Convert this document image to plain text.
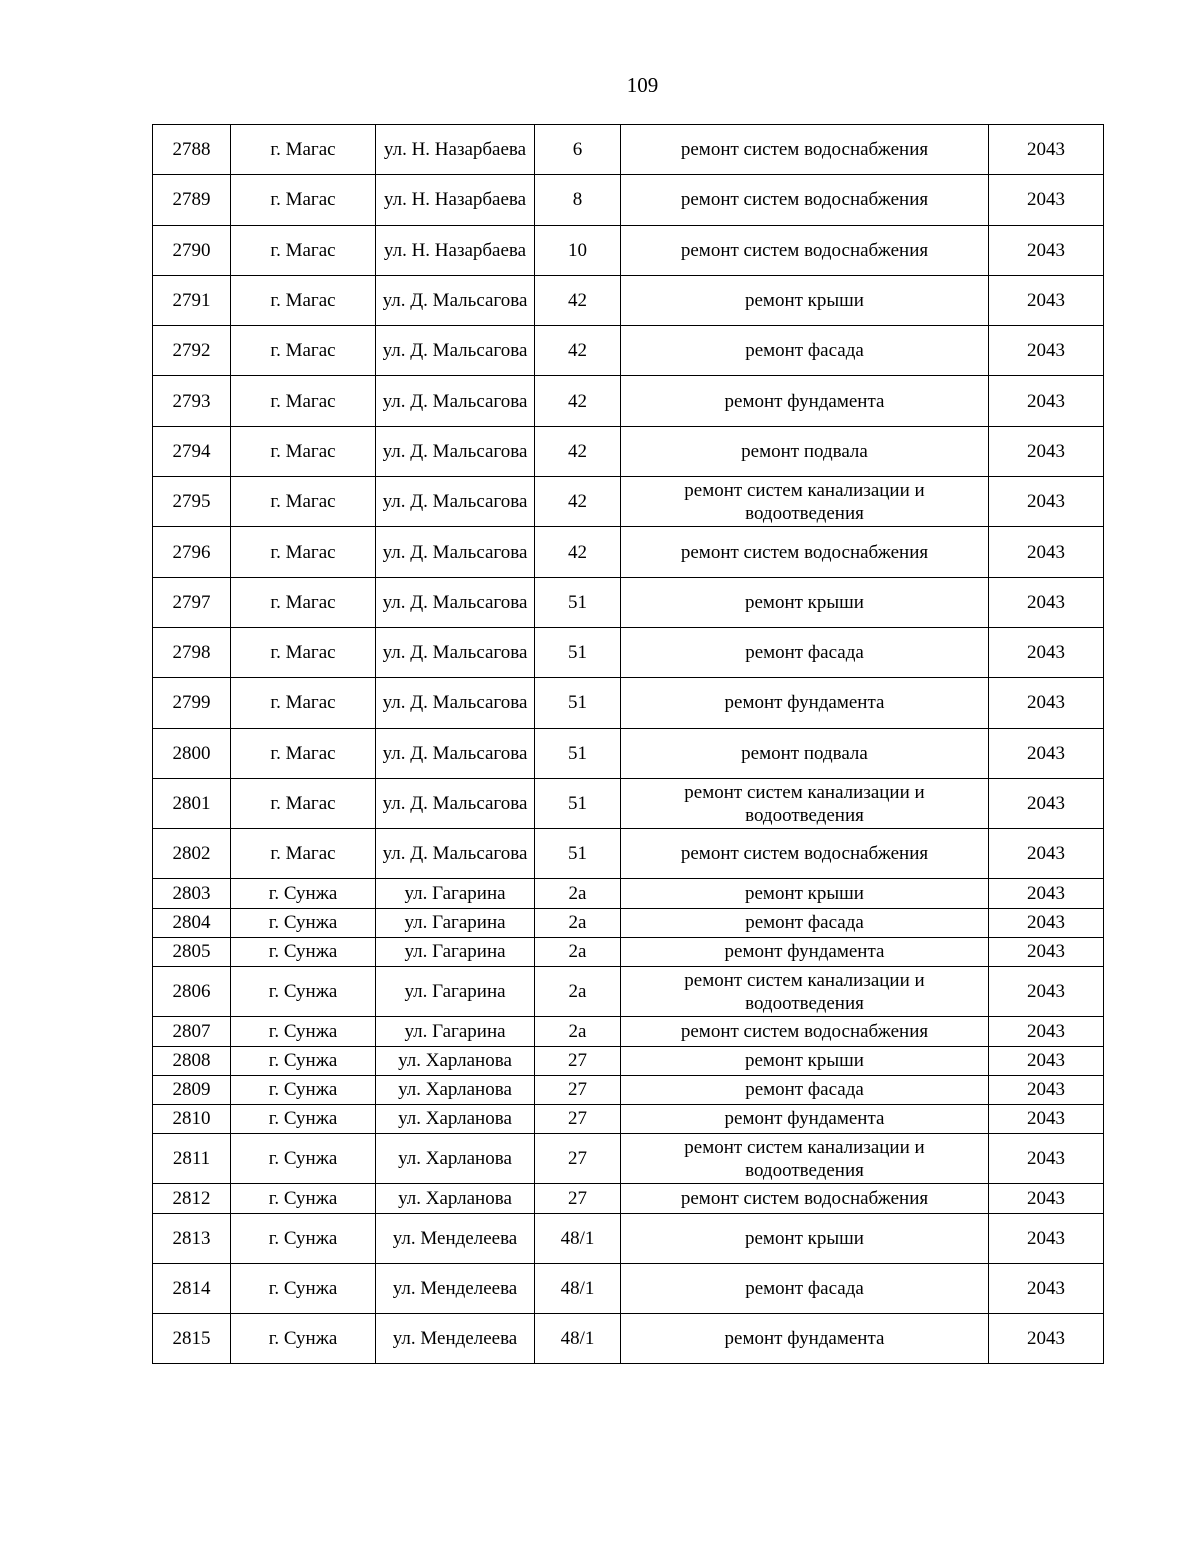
109
2788	г. Магас	ул. Н. Назарбаева	6	ремонт систем водоснабжения	2043
2789	г. Магас	ул. Н. Назарбаева	8	ремонт систем водоснабжения	2043
2790	г. Магас	ул. Н. Назарбаева	10	ремонт систем водоснабжения	2043
2791	г. Магас	ул. Д. Мальсагова	42	ремонт крыши	2043
2792	г. Магас	ул. Д. Мальсагова	42	ремонт фасада	2043
2793	г. Магас	ул. Д. Мальсагова	42	ремонт фундамента	2043
2794	г. Магас	ул. Д. Мальсагова	42	ремонт подвала	2043
2795	г. Магас	ул. Д. Мальсагова	42	ремонт систем канализации и водоотведения	2043
2796	г. Магас	ул. Д. Мальсагова	42	ремонт систем водоснабжения	2043
2797	г. Магас	ул. Д. Мальсагова	51	ремонт крыши	2043
2798	г. Магас	ул. Д. Мальсагова	51	ремонт фасада	2043
2799	г. Магас	ул. Д. Мальсагова	51	ремонт фундамента	2043
2800	г. Магас	ул. Д. Мальсагова	51	ремонт подвала	2043
2801	г. Магас	ул. Д. Мальсагова	51	ремонт систем канализации и водоотведения	2043
2802	г. Магас	ул. Д. Мальсагова	51	ремонт систем водоснабжения	2043
2803	г. Сунжа	ул. Гагарина	2а	ремонт крыши	2043
2804	г. Сунжа	ул. Гагарина	2а	ремонт фасада	2043
2805	г. Сунжа	ул. Гагарина	2а	ремонт фундамента	2043
2806	г. Сунжа	ул. Гагарина	2а	ремонт систем канализации и водоотведения	2043
2807	г. Сунжа	ул. Гагарина	2а	ремонт систем водоснабжения	2043
2808	г. Сунжа	ул. Харланова	27	ремонт крыши	2043
2809	г. Сунжа	ул. Харланова	27	ремонт фасада	2043
2810	г. Сунжа	ул. Харланова	27	ремонт фундамента	2043
2811	г. Сунжа	ул. Харланова	27	ремонт систем канализации и водоотведения	2043
2812	г. Сунжа	ул. Харланова	27	ремонт систем водоснабжения	2043
2813	г. Сунжа	ул. Менделеева	48/1	ремонт крыши	2043
2814	г. Сунжа	ул. Менделеева	48/1	ремонт фасада	2043
2815	г. Сунжа	ул. Менделеева	48/1	ремонт фундамента	2043
